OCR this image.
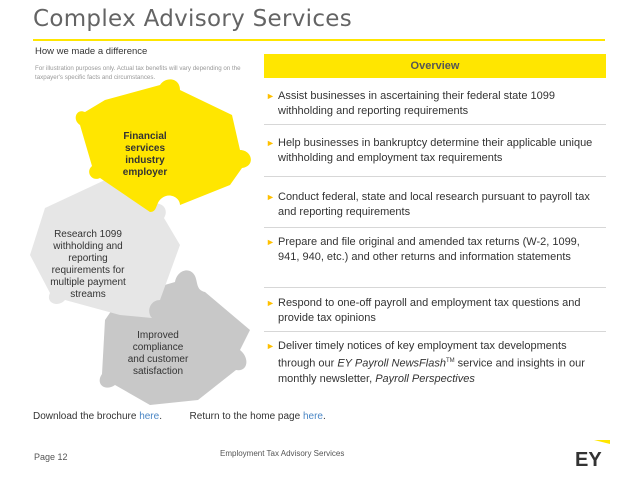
Complex Advisory Services
How we made a difference
For illustration purposes only. Actual tax benefits will vary depending on the taxpayer's specific facts and circumstances.
Financial services industry employer
Research 1099 withholding and reporting requirements for multiple payment streams
Improved compliance and customer satisfaction
Overview
► Assist businesses in ascertaining their federal state 1099 withholding and reporting requirements
► Help businesses in bankruptcy determine their applicable unique withholding and employment tax requirements
► Conduct federal, state and local research pursuant to payroll tax and reporting requirements
► Prepare and file original and amended tax returns (W-2, 1099, 941, 940, etc.) and other returns and information statements
► Respond to one-off payroll and employment tax questions and provide tax opinions
► Deliver timely notices of key employment tax developments through our EY Payroll NewsFlash™ service and insights in our monthly newsletter, Payroll Perspectives
Download the brochure here.	Return to the home page here.
Page 12	Employment Tax Advisory Services	EY
